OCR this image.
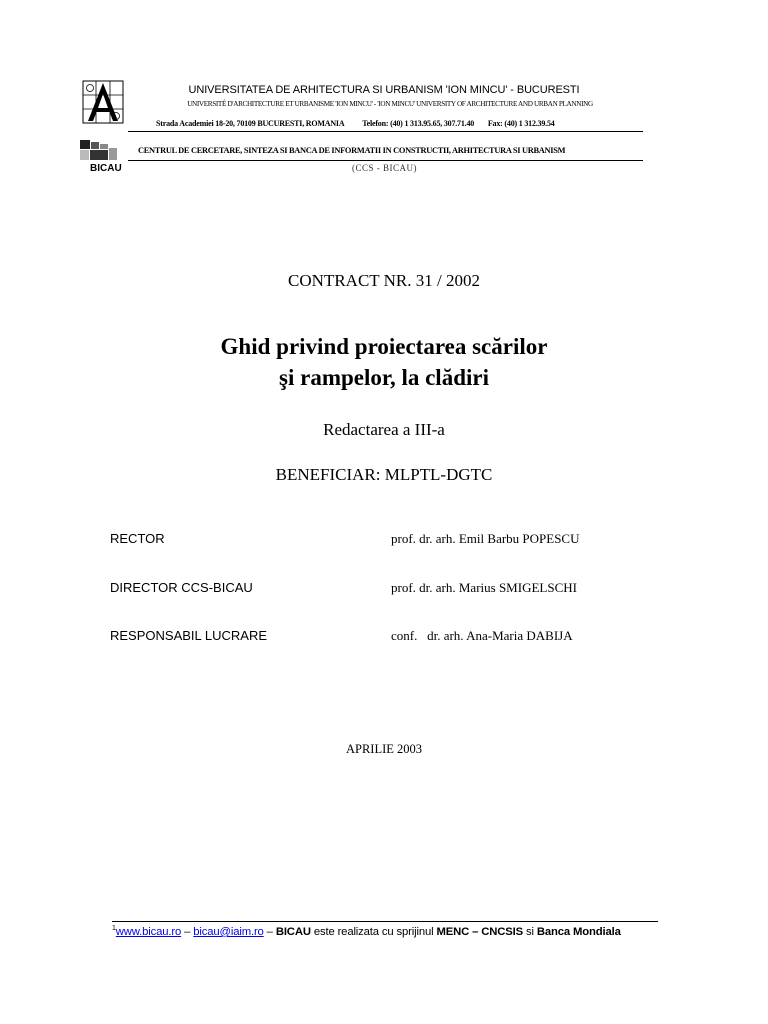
BICAU
UNIVERSITATEA DE ARHITECTURA SI URBANISM 'ION MINCU' - BUCURESTI
UNIVERSITÉ D'ARCHITECTURE ET URBANISME 'ION MINCU' - 'ION MINCU' UNIVERSITY OF ARCHITECTURE AND URBAN PLANNING
Strada Academiei 18-20, 70109 BUCURESTI, ROMANIA Telefon: (40) 1 313.95.65, 307.71.40 Fax: (40) 1 312.39.54
CENTRUL DE CERCETARE, SINTEZA SI BANCA DE INFORMATII IN CONSTRUCTII, ARHITECTURA SI URBANISM
(CCS - BICAU)
CONTRACT NR. 31 / 2002
Ghid privind proiectarea scărilor
şi rampelor, la clădiri
Redactarea a III-a
BENEFICIAR: MLPTL-DGTC
RECTOR	prof. dr. arh. Emil Barbu POPESCU
DIRECTOR CCS-BICAU	prof. dr. arh. Marius SMIGELSCHI
RESPONSABIL LUCRARE	conf.   dr. arh. Ana-Maria DABIJA
APRILIE 2003
$^1$www.bicau.ro – bicau@iaim.ro – BICAU este realizata cu sprijinul MENC – CNCSIS si Banca Mondiala
